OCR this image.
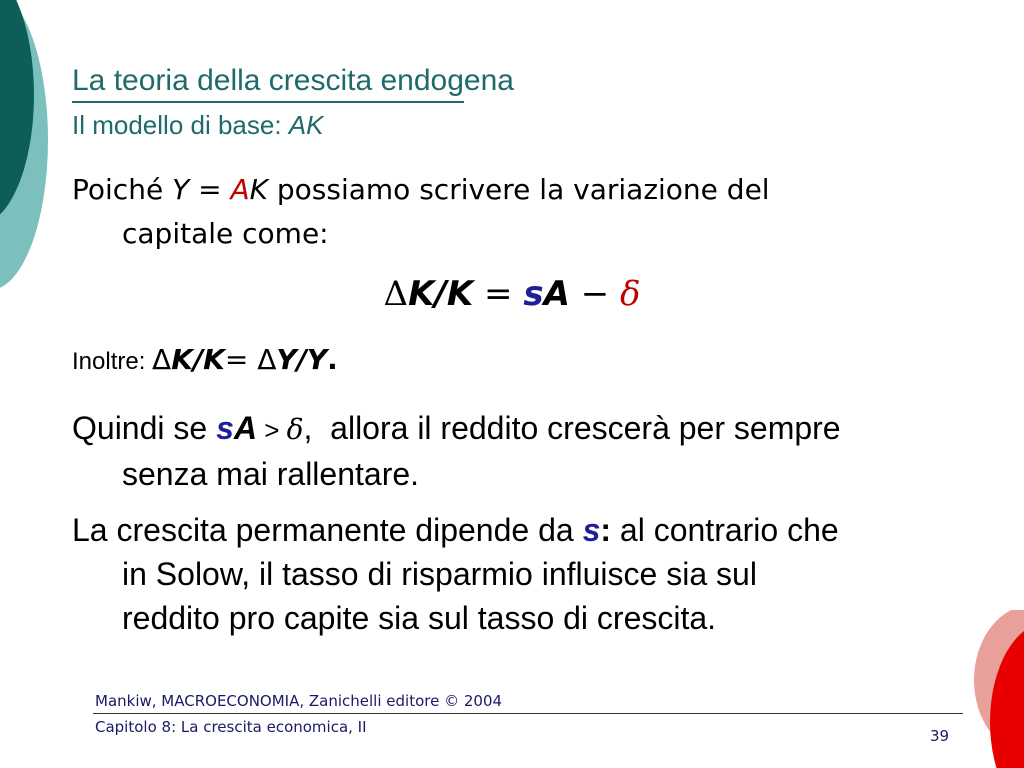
La teoria della crescita endogena
Il modello di base: AK
Poiché Y = AK possiamo scrivere la variazione del
capitale come:
ΔK/K = sA − δ
Inoltre: ΔK/K= ΔY/Y.
Quindi se sA > δ,  allora il reddito crescerà per sempre
senza mai rallentare.
La crescita permanente dipende da s: al contrario che
in Solow, il tasso di risparmio influisce sia sul
reddito pro capite sia sul tasso di crescita.
Mankiw, MACROECONOMIA, Zanichelli editore © 2004
Capitolo 8: La crescita economica, II	39
